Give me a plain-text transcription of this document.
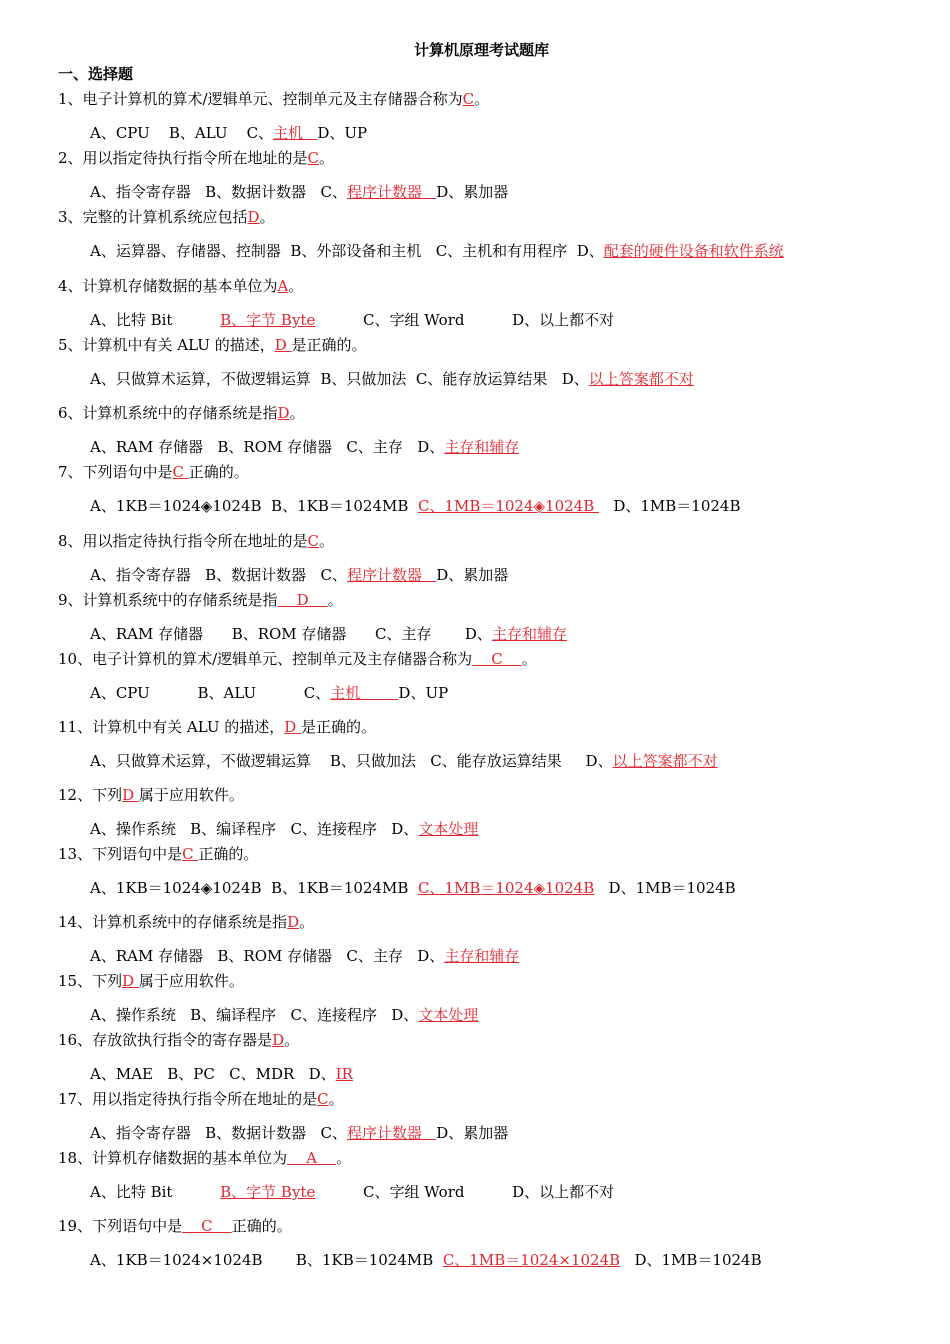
计算机原理考试题库
一、选择题
1、电子计算机的算术/逻辑单元、控制单元及主存储器合称为C。
A、CPU    B、ALU    C、主机   D、UP
2、用以指定待执行指令所在地址的是C。
A、指令寄存器   B、数据计数器   C、程序计数器   D、累加器
3、完整的计算机系统应包括D。
A、运算器、存储器、控制器  B、外部设备和主机   C、主机和有用程序  D、配套的硬件设备和软件系统
4、计算机存储数据的基本单位为A。
A、比特 Bit          B、字节 Byte          C、字组 Word          D、以上都不对
5、计算机中有关 ALU 的描述，D 是正确的。
A、只做算术运算，不做逻辑运算  B、只做加法  C、能存放运算结果   D、以上答案都不对
6、计算机系统中的存储系统是指D。
A、RAM 存储器   B、ROM 存储器   C、主存   D、主存和辅存
7、下列语句中是C 正确的。
A、1KB＝1024◈1024B  B、1KB＝1024MB  C、1MB＝1024◈1024B    D、1MB＝1024B
8、用以指定待执行指令所在地址的是C。
A、指令寄存器   B、数据计数器   C、程序计数器   D、累加器
9、计算机系统中的存储系统是指    D    。
A、RAM 存储器      B、ROM 存储器      C、主存       D、主存和辅存
10、电子计算机的算术/逻辑单元、控制单元及主存储器合称为    C    。
A、CPU          B、ALU          C、主机        D、UP
11、计算机中有关 ALU 的描述，D 是正确的。
A、只做算术运算，不做逻辑运算    B、只做加法   C、能存放运算结果     D、以上答案都不对
12、下列D 属于应用软件。
A、操作系统   B、编译程序   C、连接程序   D、文本处理
13、下列语句中是C 正确的。
A、1KB＝1024◈1024B  B、1KB＝1024MB  C、1MB＝1024◈1024B   D、1MB＝1024B
14、计算机系统中的存储系统是指D。
A、RAM 存储器   B、ROM 存储器   C、主存   D、主存和辅存
15、下列D 属于应用软件。
A、操作系统   B、编译程序   C、连接程序   D、文本处理
16、存放欲执行指令的寄存器是D。
A、MAE   B、PC   C、MDR   D、IR
17、用以指定待执行指令所在地址的是C。
A、指令寄存器   B、数据计数器   C、程序计数器   D、累加器
18、计算机存储数据的基本单位为    A    。
A、比特 Bit          B、字节 Byte          C、字组 Word          D、以上都不对
19、下列语句中是    C    正确的。
A、1KB＝1024×1024B       B、1KB＝1024MB  C、1MB＝1024×1024B   D、1MB＝1024B
